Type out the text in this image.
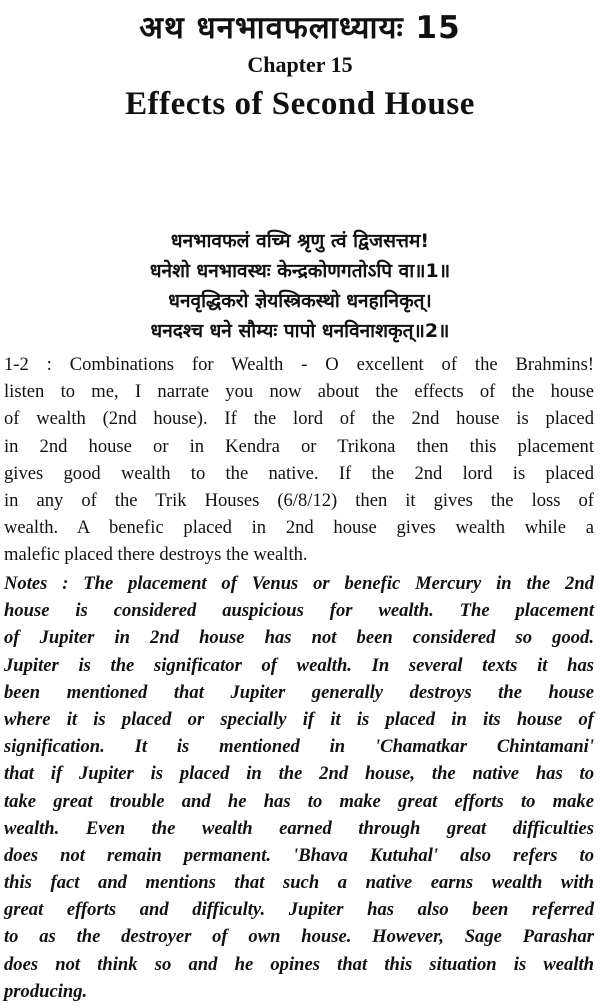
अथ धनभावफलाध्यायः 15
Chapter 15
Effects of Second House
धनभावफलं वच्मि श्रृणु त्वं द्विजसत्तम!
धनेशो धनभावस्थः केन्द्रकोणगतोऽपि वा॥1॥
धनवृद्धिकरो ज्ञेयस्त्रिकस्थो धनहानिकृत्।
धनदश्च धने सौम्यः पापो धनविनाशकृत्॥2॥
1-2 : Combinations for Wealth - O excellent of the Brahmins!
listen to me, I narrate you now about the effects of the house
of wealth (2nd house). If the lord of the 2nd house is placed
in 2nd house or in Kendra or Trikona then this placement
gives good wealth to the native. If the 2nd lord is placed
in any of the Trik Houses (6/8/12) then it gives the loss of
wealth. A benefic placed in 2nd house gives wealth while a
malefic placed there destroys the wealth.
Notes : The placement of Venus or benefic Mercury in the 2nd
house is considered auspicious for wealth. The placement
of Jupiter in 2nd house has not been considered so good.
Jupiter is the significator of wealth. In several texts it has
been mentioned that Jupiter generally destroys the house
where it is placed or specially if it is placed in its house of
signification. It is mentioned in 'Chamatkar Chintamani'
that if Jupiter is placed in the 2nd house, the native has to
take great trouble and he has to make great efforts to make
wealth. Even the wealth earned through great difficulties
does not remain permanent. 'Bhava Kutuhal' also refers to
this fact and mentions that such a native earns wealth with
great efforts and difficulty. Jupiter has also been referred
to as the destroyer of own house. However, Sage Parashar
does not think so and he opines that this situation is wealth
producing.
